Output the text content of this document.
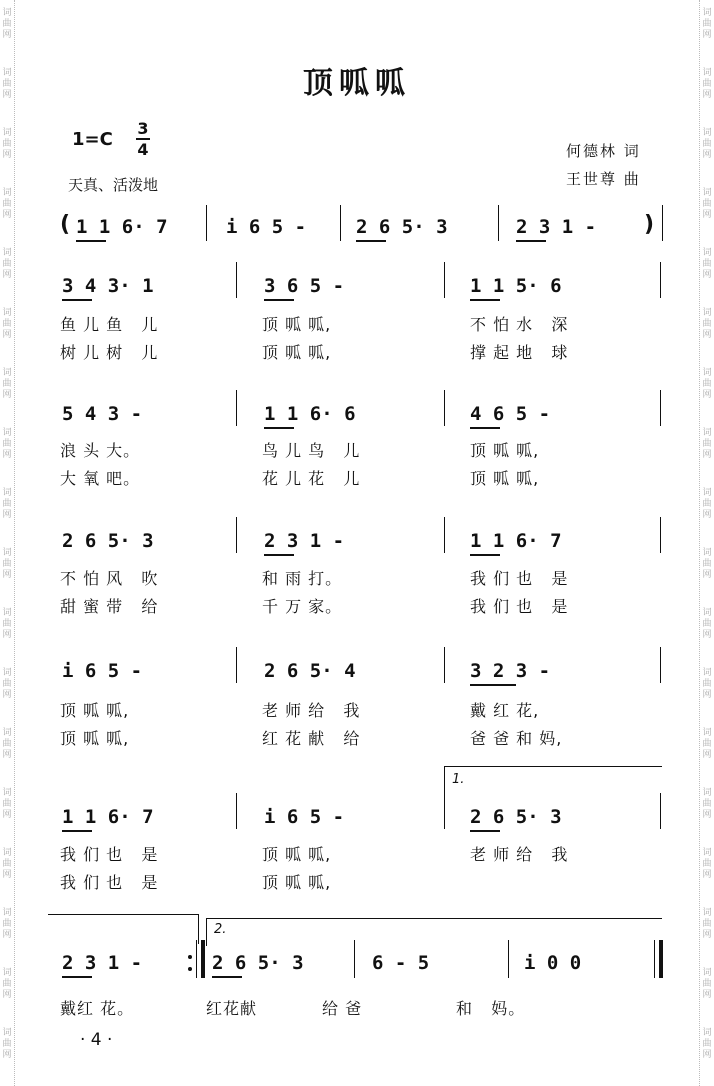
词
曲
网
词
曲
网
词
曲
网
词
曲
网
词
曲
网
词
曲
网
词
曲
网
词
曲
网
词
曲
网
词
曲
网
词
曲
网
词
曲
网
词
曲
网
词
曲
网
词
曲
网
词
曲
网
词
曲
网
词
曲
网
词
曲
网
词
曲
网
词
曲
网
词
曲
网
词
曲
网
词
曲
网
词
曲
网
词
曲
网
词
曲
网
词
曲
网
词
曲
网
词
曲
网
词
曲
网
词
曲
网
词
曲
网
词
曲
网
词
曲
网
词
曲
网
顶呱呱
1=C
3
4
天真、活泼地
何德林 词
王世尊 曲
( 1 1 6· 7	i 6 5 -	2 6 5· 3	2 3 1 - )
3 4 3· 1	3 6 5 -	1 1 5· 6
鱼 儿 鱼   儿	顶 呱 呱,	不 怕 水   深
树 儿 树   儿	顶 呱 呱,	撑 起 地   球
5 4 3 -	1 1 6· 6	4 6 5 -
浪 头 大。	鸟 儿 鸟   儿	顶 呱 呱,
大 氧 吧。	花 儿 花   儿	顶 呱 呱,
2 6 5· 3	2 3 1 -	1 1 6· 7
不 怕 风   吹	和 雨 打。	我 们 也   是
甜 蜜 带   给	千 万 家。	我 们 也   是
i 6 5 -	2 6 5· 4	3 2 3 -
顶 呱 呱,	老 师 给   我	戴 红 花,
顶 呱 呱,	红 花 献   给	爸 爸 和 妈,
1.
1 1 6· 7	i 6 5 -	2 6 5· 3
我 们 也   是	顶 呱 呱,	老 师 给   我
我 们 也   是	顶 呱 呱,
2.
2 3 1 -	2 6 5· 3	6 - 5	i 0 0
戴红 花。	红花献	给 爸	和   妈。
· 4 ·
